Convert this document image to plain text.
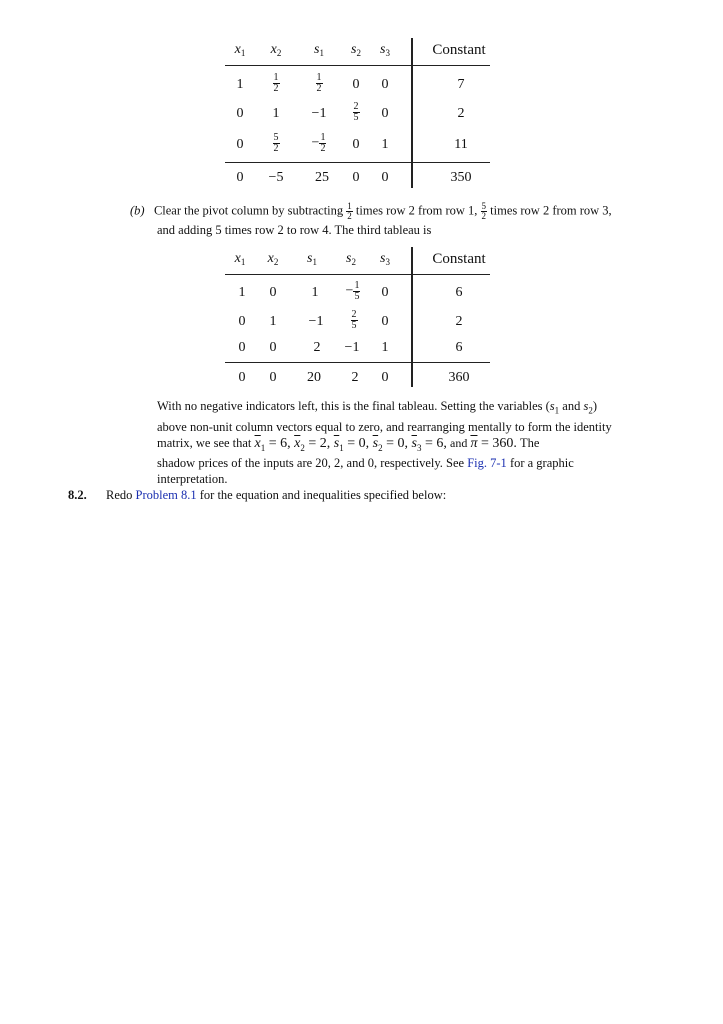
$x_1$	$x_2$	$s_1$	$s_2$	$s_3$	Constant
1	$\frac{1}{2}$	$\frac{1}{2}$	0	0	7
0	1	−1	$\frac{2}{5}$	0	2
0	$\frac{5}{2}$	− $\frac{1}{2}$	0	1	11
0	−5	25	0	0	350

(b) Clear the pivot column by subtracting $\frac{1}{2}$ times row 2 from row 1, $\frac{5}{2}$ times row 2 from row 3,

and adding 5 times row 2 to row 4. The third tableau is
$x_1$	$x_2$	$s_1$	$s_2$	$s_3$	Constant
1	0	1	− $\frac{1}{5}$	0	6
0	1	−1	$\frac{2}{5}$	0	2
0	0	2	−1	1	6
0	0	20	2	0	360

With no negative indicators left, this is the final tableau. Setting the variables ($s_1$ and $s_2$)

above non-unit column vectors equal to zero, and rearranging mentally to form the identity

matrix, we see that $\overline{x}_1 = 6$, $\overline{x}_2 = 2$, $\overline{s}_1 = 0$, $\overline{s}_2 = 0$, $\overline{s}_3 = 6$, and $\overline{\pi} = 360$. The

shadow prices of the inputs are 20, 2, and 0, respectively. See Fig. 7-1 for a graphic

interpretation.

8.2. Redo Problem 8.1 for the equation and inequalities specified below:
